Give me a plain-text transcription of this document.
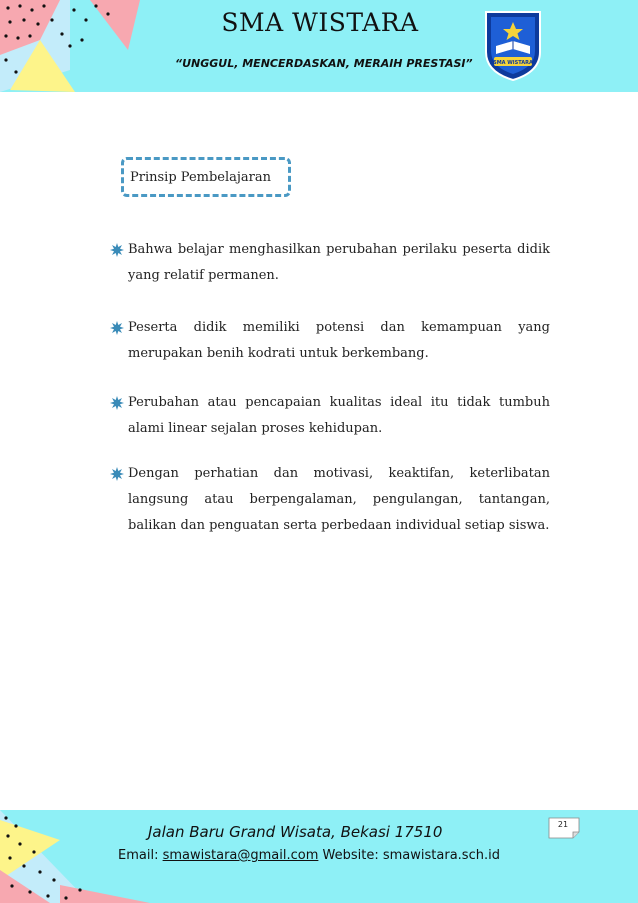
SMA WISTARA
“UNGGUL, MENCERDASKAN, MERAIH PRESTASI”	SMA WISTARA
Prinsip Pembelajaran
Bahwa belajar menghasilkan perubahan perilaku peserta didik yang relatif permanen.
Peserta didik memiliki potensi dan kemampuan yang merupakan benih kodrati untuk berkembang.
Perubahan atau pencapaian kualitas ideal itu tidak tumbuh alami linear sejalan proses kehidupan.
Dengan perhatian dan motivasi, keaktifan, keterlibatan langsung atau berpengalaman, pengulangan, tantangan, balikan dan penguatan serta perbedaan individual setiap siswa.
Jalan Baru Grand Wisata, Bekasi 17510
Email: smawistara@gmail.com Website: smawistara.sch.id
21
